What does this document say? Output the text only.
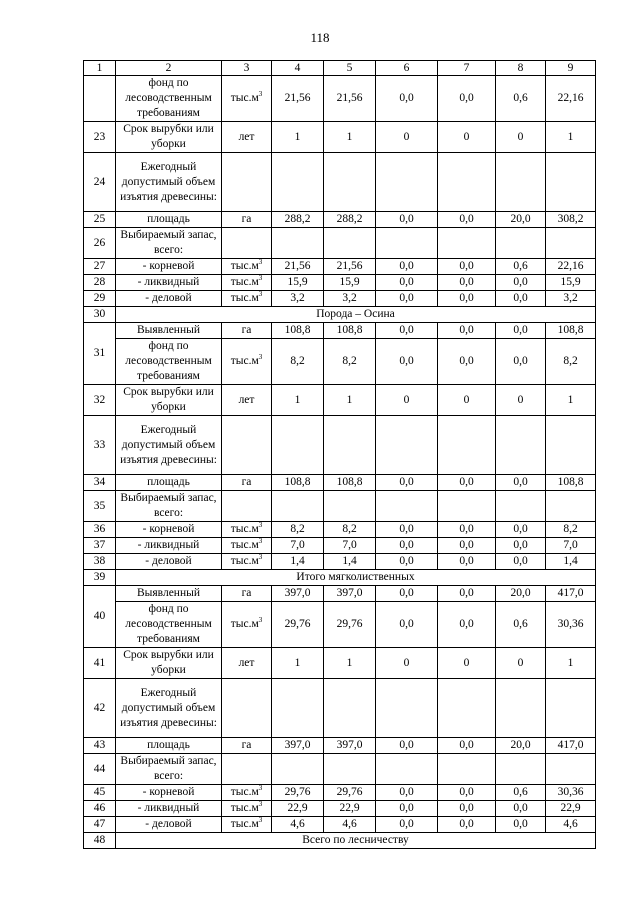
118
1	2	3	4	5	6	7	8	9
	фонд по лесоводственным требованиям	$тыс.м^3$	21,56	21,56	0,0	0,0	0,6	22,16
23	Срок вырубки или уборки	лет	1	1	0	0	0	1
24	Ежегодный допустимый объем изъятия древесины:							
25	площадь	га	288,2	288,2	0,0	0,0	20,0	308,2
26	Выбираемый запас, всего:							
27	- корневой	$тыс.м^3$	21,56	21,56	0,0	0,0	0,6	22,16
28	- ликвидный	$тыс.м^3$	15,9	15,9	0,0	0,0	0,0	15,9
29	- деловой	$тыс.м^3$	3,2	3,2	0,0	0,0	0,0	3,2
30	Порода – Осина							
31	Выявленный	га	108,8	108,8	0,0	0,0	0,0	108,8
	фонд по лесоводственным требованиям	$тыс.м^3$	8,2	8,2	0,0	0,0	0,0	8,2
32	Срок вырубки или уборки	лет	1	1	0	0	0	1
33	Ежегодный допустимый объем изъятия древесины:							
34	площадь	га	108,8	108,8	0,0	0,0	0,0	108,8
35	Выбираемый запас, всего:							
36	- корневой	$тыс.м^3$	8,2	8,2	0,0	0,0	0,0	8,2
37	- ликвидный	$тыс.м^3$	7,0	7,0	0,0	0,0	0,0	7,0
38	- деловой	$тыс.м^3$	1,4	1,4	0,0	0,0	0,0	1,4
39	Итого мягколиственных							
40	Выявленный	га	397,0	397,0	0,0	0,0	20,0	417,0
	фонд по лесоводственным требованиям	$тыс.м^3$	29,76	29,76	0,0	0,0	0,6	30,36
41	Срок вырубки или уборки	лет	1	1	0	0	0	1
42	Ежегодный допустимый объем изъятия древесины:							
43	площадь	га	397,0	397,0	0,0	0,0	20,0	417,0
44	Выбираемый запас, всего:							
45	- корневой	$тыс.м^3$	29,76	29,76	0,0	0,0	0,6	30,36
46	- ликвидный	$тыс.м^3$	22,9	22,9	0,0	0,0	0,0	22,9
47	- деловой	$тыс.м^3$	4,6	4,6	0,0	0,0	0,0	4,6
48	Всего по лесничеству							
